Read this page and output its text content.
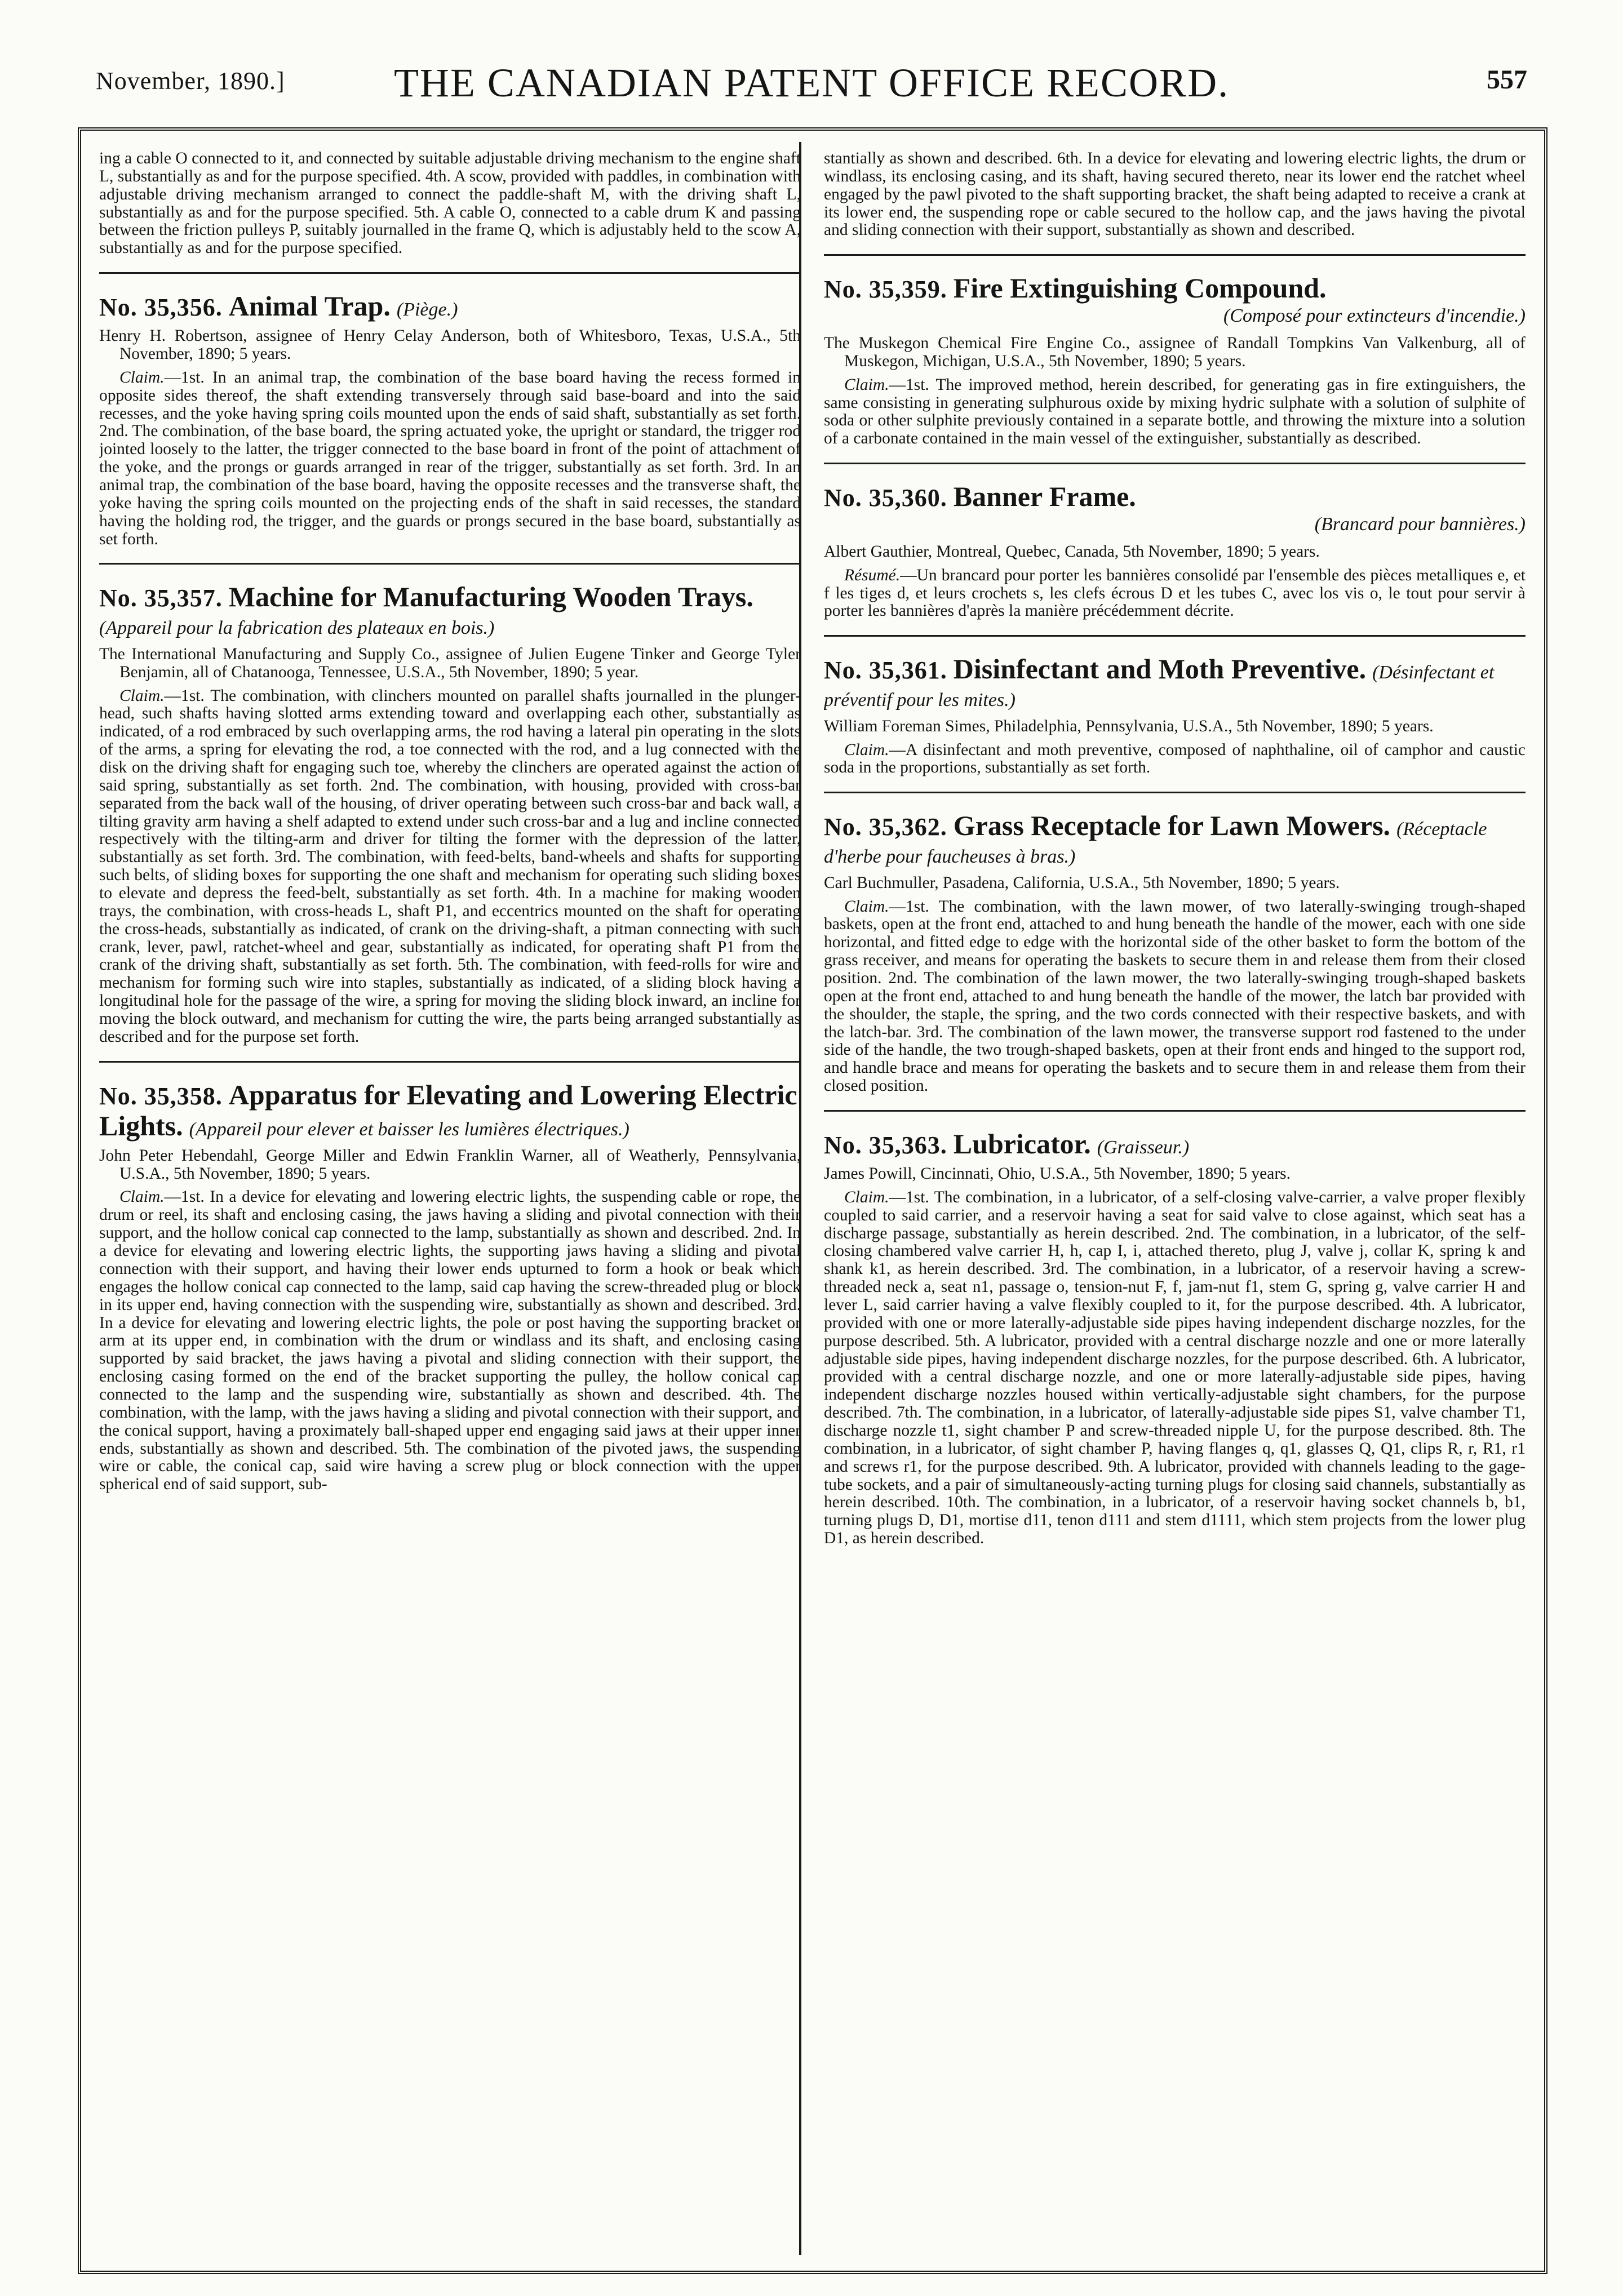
November, 1890.]	THE CANADIAN PATENT OFFICE RECORD.	557

ing a cable O connected to it, and connected by suitable adjustable driving mechanism to the engine shaft L, substantially as and for the purpose specified. 4th. A scow, provided with paddles, in combination with adjustable driving mechanism arranged to connect the paddle-shaft M, with the driving shaft L, substantially as and for the purpose specified. 5th. A cable O, connected to a cable drum K and passing between the friction pulleys P, suitably journalled in the frame Q, which is adjustably held to the scow A, substantially as and for the purpose specified.

No. 35,356. Animal Trap. (Piège.)

Henry H. Robertson, assignee of Henry Celay Anderson, both of Whitesboro, Texas, U.S.A., 5th November, 1890; 5 years.

Claim.—1st. In an animal trap, the combination of the base board having the recess formed in opposite sides thereof, the shaft extending transversely through said base-board and into the said recesses, and the yoke having spring coils mounted upon the ends of said shaft, substantially as set forth. 2nd. The combination, of the base board, the spring actuated yoke, the upright or standard, the trigger rod jointed loosely to the latter, the trigger connected to the base board in front of the point of attachment of the yoke, and the prongs or guards arranged in rear of the trigger, substantially as set forth. 3rd. In an animal trap, the combination of the base board, having the opposite recesses and the transverse shaft, the yoke having the spring coils mounted on the projecting ends of the shaft in said recesses, the standard having the holding rod, the trigger, and the guards or prongs secured in the base board, substantially as set forth.

No. 35,357. Machine for Manufacturing Wooden Trays. (Appareil pour la fabrication des plateaux en bois.)

The International Manufacturing and Supply Co., assignee of Julien Eugene Tinker and George Tyler Benjamin, all of Chatanooga, Tennessee, U.S.A., 5th November, 1890; 5 year.

Claim.—1st. The combination, with clinchers mounted on parallel shafts journalled in the plunger-head, such shafts having slotted arms extending toward and overlapping each other, substantially as indicated, of a rod embraced by such overlapping arms, the rod having a lateral pin operating in the slots of the arms, a spring for elevating the rod, a toe connected with the rod, and a lug connected with the disk on the driving shaft for engaging such toe, whereby the clinchers are operated against the action of said spring, substantially as set forth. 2nd. The combination, with housing, provided with cross-bar separated from the back wall of the housing, of driver operating between such cross-bar and back wall, a tilting gravity arm having a shelf adapted to extend under such cross-bar and a lug and incline connected respectively with the tilting-arm and driver for tilting the former with the depression of the latter, substantially as set forth. 3rd. The combination, with feed-belts, band-wheels and shafts for supporting such belts, of sliding boxes for supporting the one shaft and mechanism for operating such sliding boxes to elevate and depress the feed-belt, substantially as set forth. 4th. In a machine for making wooden trays, the combination, with cross-heads L, shaft P1, and eccentrics mounted on the shaft for operating the cross-heads, substantially as indicated, of crank on the driving-shaft, a pitman connecting with such crank, lever, pawl, ratchet-wheel and gear, substantially as indicated, for operating shaft P1 from the crank of the driving shaft, substantially as set forth. 5th. The combination, with feed-rolls for wire and mechanism for forming such wire into staples, substantially as indicated, of a sliding block having a longitudinal hole for the passage of the wire, a spring for moving the sliding block inward, an incline for moving the block outward, and mechanism for cutting the wire, the parts being arranged substantially as described and for the purpose set forth.

No. 35,358. Apparatus for Elevating and Lowering Electric Lights. (Appareil pour elever et baisser les lumières électriques.)

John Peter Hebendahl, George Miller and Edwin Franklin Warner, all of Weatherly, Pennsylvania, U.S.A., 5th November, 1890; 5 years.

Claim.—1st. In a device for elevating and lowering electric lights, the suspending cable or rope, the drum or reel, its shaft and enclosing casing, the jaws having a sliding and pivotal connection with their support, and the hollow conical cap connected to the lamp, substantially as shown and described. 2nd. In a device for elevating and lowering electric lights, the supporting jaws having a sliding and pivotal connection with their support, and having their lower ends upturned to form a hook or beak which engages the hollow conical cap connected to the lamp, said cap having the screw-threaded plug or block in its upper end, having connection with the suspending wire, substantially as shown and described. 3rd. In a device for elevating and lowering electric lights, the pole or post having the supporting bracket or arm at its upper end, in combination with the drum or windlass and its shaft, and enclosing casing supported by said bracket, the jaws having a pivotal and sliding connection with their support, the enclosing casing formed on the end of the bracket supporting the pulley, the hollow conical cap connected to the lamp and the suspending wire, substantially as shown and described. 4th. The combination, with the lamp, with the jaws having a sliding and pivotal connection with their support, and the conical support, having a proximately ball-shaped upper end engaging said jaws at their upper inner ends, substantially as shown and described. 5th. The combination of the pivoted jaws, the suspending wire or cable, the conical cap, said wire having a screw plug or block connection with the upper spherical end of said support, sub-

stantially as shown and described. 6th. In a device for elevating and lowering electric lights, the drum or windlass, its enclosing casing, and its shaft, having secured thereto, near its lower end the ratchet wheel engaged by the pawl pivoted to the shaft supporting bracket, the shaft being adapted to receive a crank at its lower end, the suspending rope or cable secured to the hollow cap, and the jaws having the pivotal and sliding connection with their support, substantially as shown and described.

No. 35,359. Fire Extinguishing Compound.
(Composé pour extincteurs d'incendie.)

The Muskegon Chemical Fire Engine Co., assignee of Randall Tompkins Van Valkenburg, all of Muskegon, Michigan, U.S.A., 5th November, 1890; 5 years.

Claim.—1st. The improved method, herein described, for generating gas in fire extinguishers, the same consisting in generating sulphurous oxide by mixing hydric sulphate with a solution of sulphite of soda or other sulphite previously contained in a separate bottle, and throwing the mixture into a solution of a carbonate contained in the main vessel of the extinguisher, substantially as described.

No. 35,360. Banner Frame.
(Brancard pour bannières.)

Albert Gauthier, Montreal, Quebec, Canada, 5th November, 1890; 5 years.

Résumé.—Un brancard pour porter les bannières consolidé par l'ensemble des pièces metalliques e, et f les tiges d, et leurs crochets s, les clefs écrous D et les tubes C, avec los vis o, le tout pour servir à porter les bannières d'après la manière précédemment décrite.

No. 35,361. Disinfectant and Moth Preventive. (Désinfectant et préventif pour les mites.)

William Foreman Simes, Philadelphia, Pennsylvania, U.S.A., 5th November, 1890; 5 years.

Claim.—A disinfectant and moth preventive, composed of naphthaline, oil of camphor and caustic soda in the proportions, substantially as set forth.

No. 35,362. Grass Receptacle for Lawn Mowers. (Réceptacle d'herbe pour faucheuses à bras.)

Carl Buchmuller, Pasadena, California, U.S.A., 5th November, 1890; 5 years.

Claim.—1st. The combination, with the lawn mower, of two laterally-swinging trough-shaped baskets, open at the front end, attached to and hung beneath the handle of the mower, each with one side horizontal, and fitted edge to edge with the horizontal side of the other basket to form the bottom of the grass receiver, and means for operating the baskets to secure them in and release them from their closed position. 2nd. The combination of the lawn mower, the two laterally-swinging trough-shaped baskets open at the front end, attached to and hung beneath the handle of the mower, the latch bar provided with the shoulder, the staple, the spring, and the two cords connected with their respective baskets, and with the latch-bar. 3rd. The combination of the lawn mower, the transverse support rod fastened to the under side of the handle, the two trough-shaped baskets, open at their front ends and hinged to the support rod, and handle brace and means for operating the baskets and to secure them in and release them from their closed position.

No. 35,363. Lubricator. (Graisseur.)

James Powill, Cincinnati, Ohio, U.S.A., 5th November, 1890; 5 years.

Claim.—1st. The combination, in a lubricator, of a self-closing valve-carrier, a valve proper flexibly coupled to said carrier, and a reservoir having a seat for said valve to close against, which seat has a discharge passage, substantially as herein described. 2nd. The combination, in a lubricator, of the self-closing chambered valve carrier H, h, cap I, i, attached thereto, plug J, valve j, collar K, spring k and shank k1, as herein described. 3rd. The combination, in a lubricator, of a reservoir having a screw-threaded neck a, seat n1, passage o, tension-nut F, f, jam-nut f1, stem G, spring g, valve carrier H and lever L, said carrier having a valve flexibly coupled to it, for the purpose described. 4th. A lubricator, provided with one or more laterally-adjustable side pipes having independent discharge nozzles, for the purpose described. 5th. A lubricator, provided with a central discharge nozzle and one or more laterally adjustable side pipes, having independent discharge nozzles, for the purpose described. 6th. A lubricator, provided with a central discharge nozzle, and one or more laterally-adjustable side pipes, having independent discharge nozzles housed within vertically-adjustable sight chambers, for the purpose described. 7th. The combination, in a lubricator, of laterally-adjustable side pipes S1, valve chamber T1, discharge nozzle t1, sight chamber P and screw-threaded nipple U, for the purpose described. 8th. The combination, in a lubricator, of sight chamber P, having flanges q, q1, glasses Q, Q1, clips R, r, R1, r1 and screws r1, for the purpose described. 9th. A lubricator, provided with channels leading to the gage-tube sockets, and a pair of simultaneously-acting turning plugs for closing said channels, substantially as herein described. 10th. The combination, in a lubricator, of a reservoir having socket channels b, b1, turning plugs D, D1, mortise d11, tenon d111 and stem d1111, which stem projects from the lower plug D1, as herein described.
